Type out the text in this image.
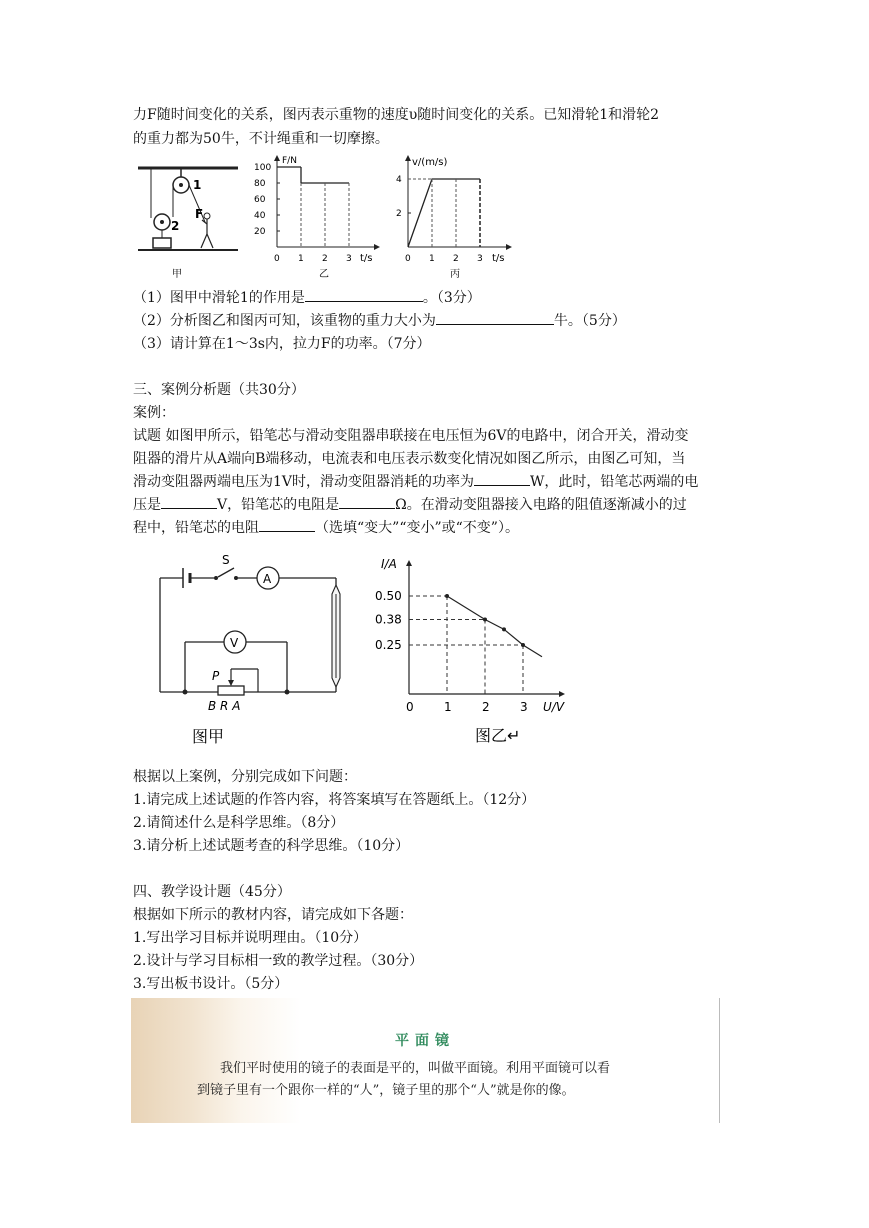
力F随时间变化的关系，图丙表示重物的速度υ随时间变化的关系。已知滑轮1和滑轮2
的重力都为50牛，不计绳重和一切摩擦。
1
2
F
甲
100
80
60
40
20
0 1 2 3
F/N
t/s
乙
4
2
0 1 2 3
v/(m/s)
t/s
丙
（1）图甲中滑轮1的作用是	。（3分）
（2）分析图乙和图丙可知，该重物的重力大小为	牛。（5分）
（3）请计算在1～3s内，拉力F的功率。（7分）
三、案例分析题（共30分）
案例：
试题 如图甲所示，铅笔芯与滑动变阻器串联接在电压恒为6V的电路中，闭合开关，滑动变
阻器的滑片从A端向B端移动，电流表和电压表示数变化情况如图乙所示，由图乙可知，当
滑动变阻器两端电压为1V时，滑动变阻器消耗的功率为	W，此时，铅笔芯两端的电
压是	V，铅笔芯的电阻是	Ω。在滑动变阻器接入电路的阻值逐渐减小的过
程中，铅笔芯的电阻	（选填“变大”“变小”或“不变”）。
S
A
V
P
B R A
图甲
0.50
0.38
0.25
0	1	2	3
I/A
U/V
图乙↵
根据以上案例，分别完成如下问题：
1.请完成上述试题的作答内容，将答案填写在答题纸上。（12分）
2.请简述什么是科学思维。（8分）
3.请分析上述试题考查的科学思维。（10分）
四、教学设计题（45分）
根据如下所示的教材内容，请完成如下各题：
1.写出学习目标并说明理由。（10分）
2.设计与学习目标相一致的教学过程。（30分）
3.写出板书设计。（5分）
平面镜
我们平时使用的镜子的表面是平的，叫做平面镜。利用平面镜可以看
到镜子里有一个跟你一样的“人”，镜子里的那个“人”就是你的像。
